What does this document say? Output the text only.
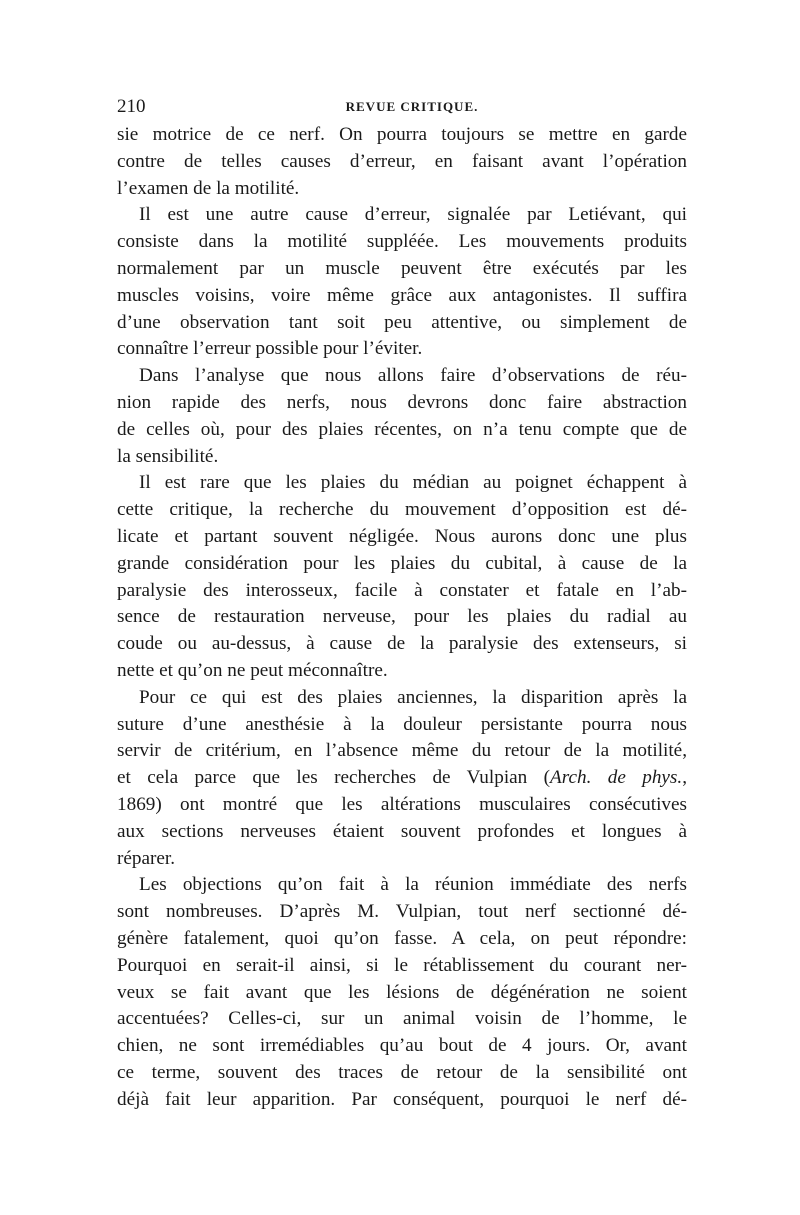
210	REVUE CRITIQUE.
sie motrice de ce nerf. On pourra toujours se mettre en garde
contre de telles causes d’erreur, en faisant avant l’opération
l’examen de la motilité.
Il est une autre cause d’erreur, signalée par Letiévant, qui
consiste dans la motilité suppléée. Les mouvements produits
normalement par un muscle peuvent être exécutés par les
muscles voisins, voire même grâce aux antagonistes. Il suffira
d’une observation tant soit peu attentive, ou simplement de
connaître l’erreur possible pour l’éviter.
Dans l’analyse que nous allons faire d’observations de réu-
nion rapide des nerfs, nous devrons donc faire abstraction
de celles où, pour des plaies récentes, on n’a tenu compte que de
la sensibilité.
Il est rare que les plaies du médian au poignet échappent à
cette critique, la recherche du mouvement d’opposition est dé-
licate et partant souvent négligée. Nous aurons donc une plus
grande considération pour les plaies du cubital, à cause de la
paralysie des interosseux, facile à constater et fatale en l’ab-
sence de restauration nerveuse, pour les plaies du radial au
coude ou au-dessus, à cause de la paralysie des extenseurs, si
nette et qu’on ne peut méconnaître.
Pour ce qui est des plaies anciennes, la disparition après la
suture d’une anesthésie à la douleur persistante pourra nous
servir de critérium, en l’absence même du retour de la motilité,
et cela parce que les recherches de Vulpian (Arch. de phys.,
1869) ont montré que les altérations musculaires consécutives
aux sections nerveuses étaient souvent profondes et longues à
réparer.
Les objections qu’on fait à la réunion immédiate des nerfs
sont nombreuses. D’après M. Vulpian, tout nerf sectionné dé-
génère fatalement, quoi qu’on fasse. A cela, on peut répondre:
Pourquoi en serait-il ainsi, si le rétablissement du courant ner-
veux se fait avant que les lésions de dégénération ne soient
accentuées? Celles-ci, sur un animal voisin de l’homme, le
chien, ne sont irremédiables qu’au bout de 4 jours. Or, avant
ce terme, souvent des traces de retour de la sensibilité ont
déjà fait leur apparition. Par conséquent, pourquoi le nerf dé-
